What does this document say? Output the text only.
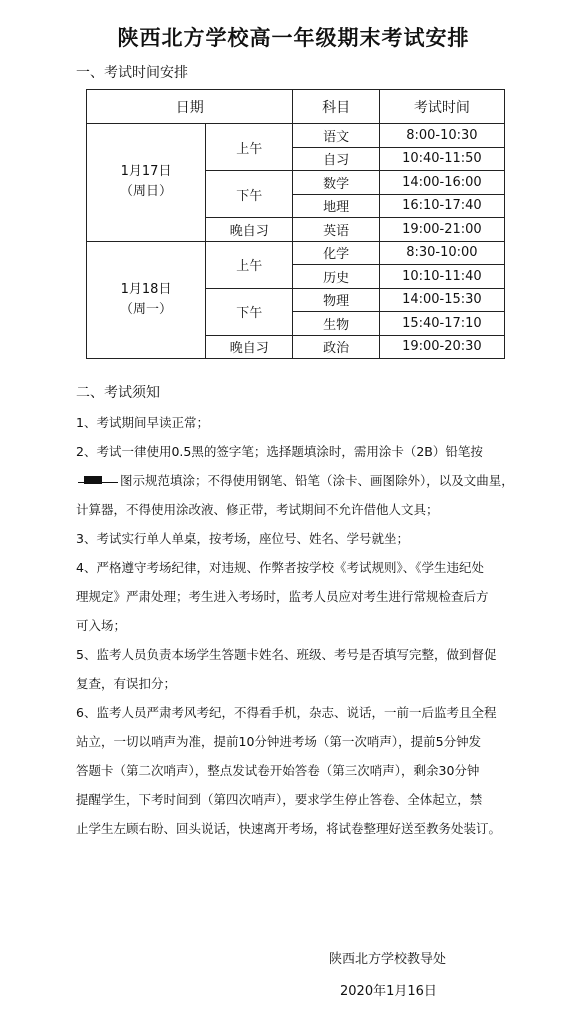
陕西北方学校高一年级期末考试安排
一、考试时间安排
日期		科目	考试时间

1月17日
（周日）	上午	语文	8:00-10:30
		自习	10:40-11:50
	下午	数学	14:00-16:00
		地理	16:10-17:40
	晚自习	英语	19:00-21:00

1月18日
（周一）	上午	化学	8:30-10:00
		历史	10:10-11:40
	下午	物理	14:00-15:30
		生物	15:40-17:10
	晚自习	政治	19:00-20:30
二、考试须知

1、考试期间早读正常；

2、考试一律使用0.5黑的签字笔；选择题填涂时，需用涂卡（2B）铅笔按

图示规范填涂；不得使用钢笔、铅笔（涂卡、画图除外），以及文曲星，

计算器，不得使用涂改液、修正带，考试期间不允许借他人文具；

3、考试实行单人单桌，按考场，座位号、姓名、学号就坐；

4、严格遵守考场纪律，对违规、作弊者按学校《考试规则》、《学生违纪处

理规定》严肃处理；考生进入考场时，监考人员应对考生进行常规检查后方

可入场；

5、监考人员负责本场学生答题卡姓名、班级、考号是否填写完整，做到督促

复查，有误扣分；

6、监考人员严肃考风考纪，不得看手机，杂志、说话，一前一后监考且全程

站立，一切以哨声为准，提前10分钟进考场（第一次哨声），提前5分钟发

答题卡（第二次哨声），整点发试卷开始答卷（第三次哨声），剩余30分钟

提醒学生，下考时间到（第四次哨声），要求学生停止答卷、全体起立，禁

止学生左顾右盼、回头说话，快速离开考场，将试卷整理好送至教务处装订。

陕西北方学校教导处
2020年1月16日
